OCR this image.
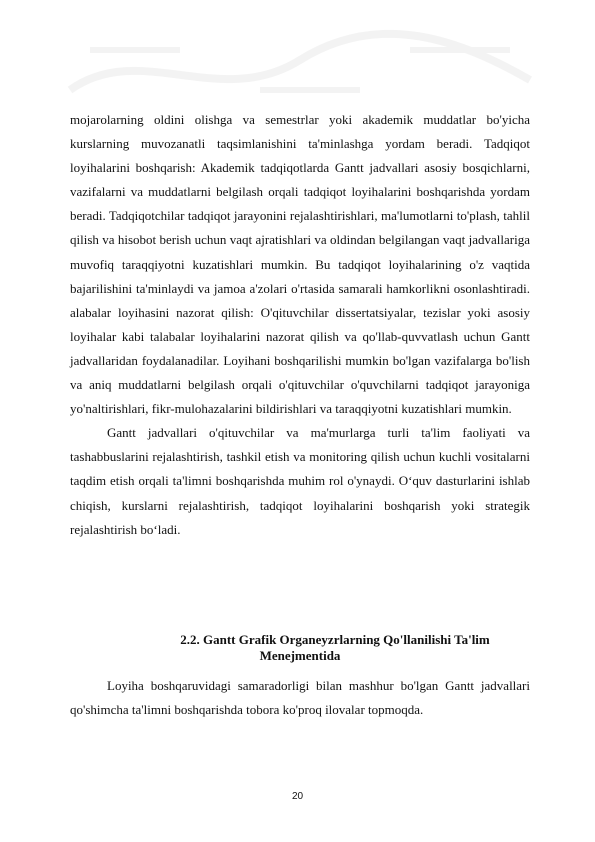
mojarolarning oldini olishga va semestrlar yoki akademik muddatlar bo'yicha kurslarning muvozanatli taqsimlanishini ta'minlashga yordam beradi. Tadqiqot loyihalarini boshqarish: Akademik tadqiqotlarda Gantt jadvallari asosiy bosqichlarni, vazifalarni va muddatlarni belgilash orqali tadqiqot loyihalarini boshqarishda yordam beradi. Tadqiqotchilar tadqiqot jarayonini rejalashtirishlari, ma'lumotlarni to'plash, tahlil qilish va hisobot berish uchun vaqt ajratishlari va oldindan belgilangan vaqt jadvallariga muvofiq taraqqiyotni kuzatishlari mumkin. Bu tadqiqot loyihalarining o'z vaqtida bajarilishini ta'minlaydi va jamoa a'zolari o'rtasida samarali hamkorlikni osonlashtiradi. alabalar loyihasini nazorat qilish: O'qituvchilar dissertatsiyalar, tezislar yoki asosiy loyihalar kabi talabalar loyihalarini nazorat qilish va qo'llab-quvvatlash uchun Gantt jadvallaridan foydalanadilar. Loyihani boshqarilishi mumkin bo'lgan vazifalarga bo'lish va aniq muddatlarni belgilash orqali o'qituvchilar o'quvchilarni tadqiqot jarayoniga yo'naltirishlari, fikr-mulohazalarini bildirishlari va taraqqiyotni kuzatishlari mumkin.

Gantt jadvallari o'qituvchilar va ma'murlarga turli ta'lim faoliyati va tashabbuslarini rejalashtirish, tashkil etish va monitoring qilish uchun kuchli vositalarni taqdim etish orqali ta'limni boshqarishda muhim rol o'ynaydi. O‘quv dasturlarini ishlab chiqish, kurslarni rejalashtirish, tadqiqot loyihalarini boshqarish yoki strategik rejalashtirish bo‘ladi.

2.2. Gantt Grafik Organeyzrlarning Qo'llanilishi Ta'lim
Menejmentida

Loyiha boshqaruvidagi samaradorligi bilan mashhur bo'lgan Gantt jadvallari qo'shimcha ta'limni boshqarishda tobora ko'proq ilovalar topmoqda.

20
